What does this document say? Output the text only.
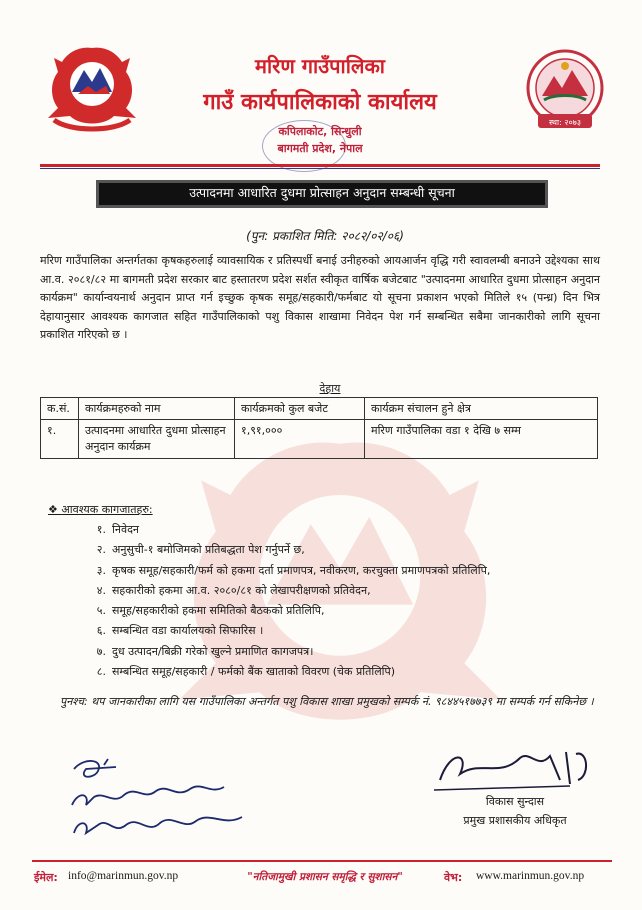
स्था: २०७३
मरिण गाउँपालिका
गाउँ कार्यपालिकाको कार्यालय
कपिलाकोट, सिन्धुली
बागमती प्रदेश, नेपाल
उत्पादनमा आधारित दुधमा प्रोत्साहन अनुदान सम्बन्धी सूचना
(पुन: प्रकाशित मिति: २०८२/०२/०६)

मरिण गाउँपालिका अन्तर्गतका कृषकहरुलाई व्यावसायिक र प्रतिस्पर्धी बनाई उनीहरुको आयआर्जन वृद्धि गरी स्वावलम्बी बनाउने उद्देश्यका साथ आ.व. २०८१/८२ मा बागमती प्रदेश सरकार बाट हस्तातरण प्रदेश सर्शत स्वीकृत वार्षिक बजेटबाट "उत्पादनमा आधारित दुधमा प्रोत्साहन अनुदान कार्यक्रम" कार्यान्वयनार्थ अनुदान प्राप्त गर्न इच्छुक कृषक समूह/सहकारी/फर्मबाट यो सूचना प्रकाशन भएको मितिले १५ (पन्ध्र) दिन भित्र देहायानुसार आवश्यक कागजात सहित गाउँपालिकाको पशु विकास शाखामा निवेदन पेश गर्न सम्बन्धित सबैमा जानकारीको लागि सूचना प्रकाशित गरिएको छ ।

देहाय
क.सं.	कार्यक्रमहरुको नाम	कार्यक्रमको कुल बजेट	कार्यक्रम संचालन हुने क्षेत्र
१.	उत्पादनमा आधारित दुधमा प्रोत्साहन अनुदान कार्यक्रम	१,९१,०००	मरिण गाउँपालिका वडा १ देखि ७ सम्म
❖ आवश्यक कागजातहरु:
१. निवेदन
२. अनुसुची-१ बमोजिमको प्रतिबद्धता पेश गर्नुपर्ने छ,
३. कृषक समूह/सहकारी/फर्म को हकमा दर्ता प्रमाणपत्र, नवीकरण, करचुक्ता प्रमाणपत्रको प्रतिलिपि,
४. सहकारीको हकमा आ.व. २०८०/८१ को लेखापरीक्षणको प्रतिवेदन,
५. समूह/सहकारीको हकमा समितिको बैठकको प्रतिलिपि,
६. सम्बन्धित वडा कार्यालयको सिफारिस ।
७. दुध उत्पादन/बिक्री गरेको खुल्ने प्रमाणित कागजपत्र।
८. सम्बन्धित समूह/सहकारी / फर्मको बैंक खाताको विवरण (चेक प्रतिलिपि)
पुनश्च: थप जानकारीका लागि यस गाउँपालिका अन्तर्गत पशु विकास शाखा प्रमुखको सम्पर्क नं. ९८४४५१७७३९ मा सम्पर्क गर्न सकिनेछ ।
विकास सुन्दास
प्रमुख प्रशासकीय अधिकृत
ईमेल: info@marinmun.gov.np	"नतिजामुखी प्रशासन समृद्धि र सुशासन"	वेभ: www.marinmun.gov.np
